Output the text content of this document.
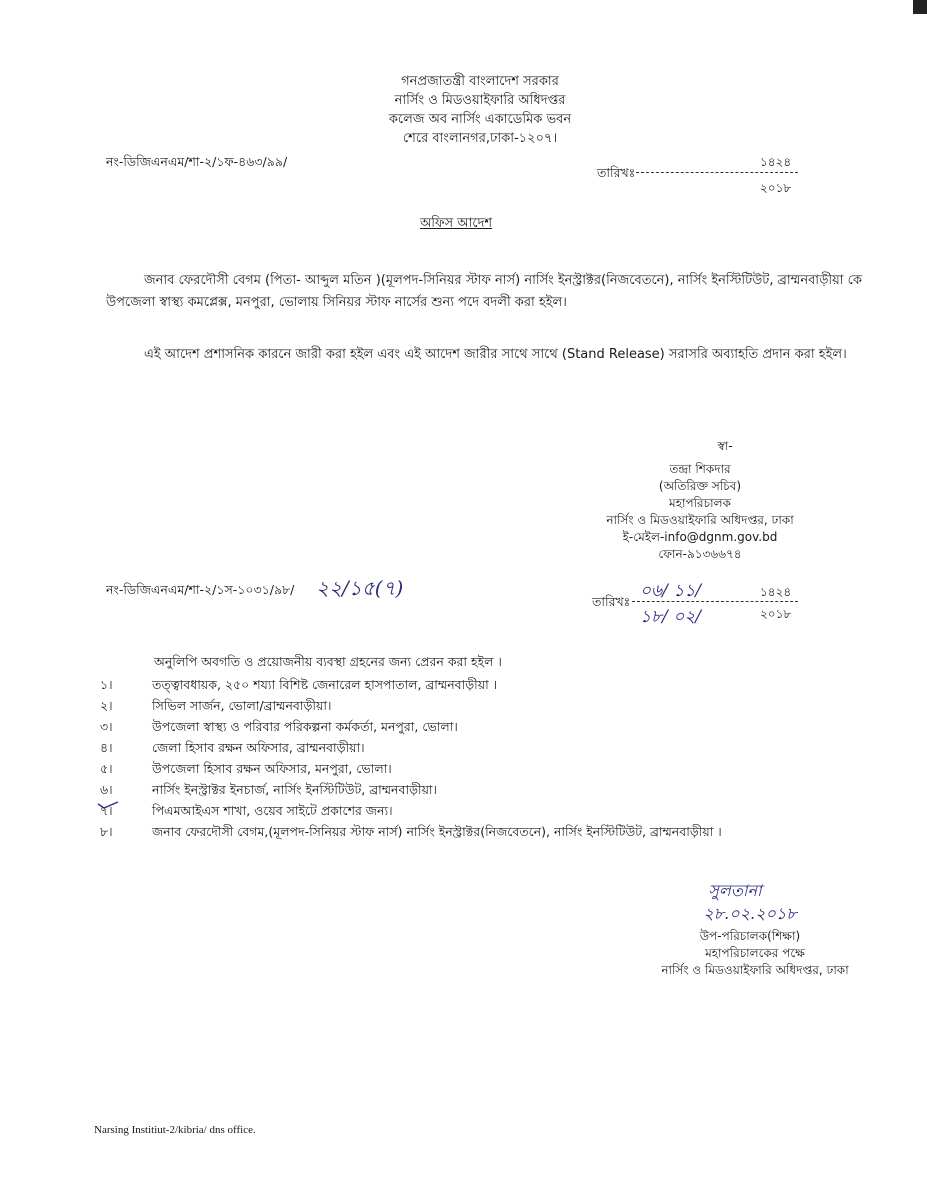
গনপ্রজাতন্ত্রী বাংলাদেশ সরকার
নার্সিং ও মিডওয়াইফারি অধিদপ্তর
কলেজ অব নার্সিং একাডেমিক ভবন
শেরে বাংলানগর,ঢাকা-১২০৭।
নং-ডিজিএনএম/শা-২/১ফ-৪৬৩/৯৯/	১৪২৪
তারিখঃ
২০১৮
অফিস আদেশ
জনাব ফেরদৌসী বেগম (পিতা- আব্দুল মতিন )(মূলপদ-সিনিয়র স্টাফ নার্স) নার্সিং ইনস্ট্রাক্টর(নিজবেতনে), নার্সিং ইনস্টিটিউট, ব্রাম্মনবাড়ীয়া কে উপজেলা স্বাস্থ্য কমপ্লেক্স, মনপুরা, ভোলায় সিনিয়র স্টাফ নার্সের শুন্য পদে বদলী করা হইল।
এই আদেশ প্রশাসনিক কারনে জারী করা হইল এবং এই আদেশ জারীর সাথে সাথে (Stand Release) সরাসরি অব্যাহতি প্রদান করা হইল।
স্বা-
তন্দ্রা শিকদার
(অতিরিক্ত সচিব)
মহাপরিচালক
নার্সিং ও মিডওয়াইফারি অধিদপ্তর, ঢাকা
ই-মেইল-info@dgnm.gov.bd
ফোন-৯১৩৬৬৭৪
নং-ডিজিএনএম/শা-২/১স-১০৩১/৯৮/ ২২/১৫(৭)	০৬/ ১১/	১৪২৪
তারিখঃ
১৮/ ০২/	২০১৮
অনুলিপি অবগতি ও প্রয়োজনীয় ব্যবস্থা গ্রহনের জন্য প্রেরন করা হইল ।
১।	তত্ত্বাবধায়ক, ২৫০ শয্যা বিশিষ্ট জেনারেল হাসপাতাল, ব্রাম্মনবাড়ীয়া ।
২।	সিভিল সার্জন, ভোলা/ব্রাম্মনবাড়ীয়া।
৩।	উপজেলা স্বাস্থ্য ও পরিবার পরিকল্পনা কর্মকর্তা, মনপুরা, ভোলা।
৪।	জেলা হিসাব রক্ষন অফিসার, ব্রাম্মনবাড়ীয়া।
৫।	উপজেলা হিসাব রক্ষন অফিসার, মনপুরা, ভোলা।
৬।	নার্সিং ইনস্ট্রাক্টর ইনচার্জ, নার্সিং ইনস্টিটিউট, ব্রাম্মনবাড়ীয়া।
৭।	পিএমআইএস শাখা, ওয়েব সাইটে প্রকাশের জন্য।
৮।	জনাব ফেরদৌসী বেগম,(মূলপদ-সিনিয়র স্টাফ নার্স) নার্সিং ইনস্ট্রাক্টর(নিজবেতনে), নার্সিং ইনস্টিটিউট, ব্রাম্মনবাড়ীয়া ।
সুলতানা
২৮.০২.২০১৮
উপ-পরিচালক(শিক্ষা)
মহাপরিচালকের পক্ষে
নার্সিং ও মিডওয়াইফারি অধিদপ্তর, ঢাকা
Narsing Institiut-2/kibria/ dns office.
